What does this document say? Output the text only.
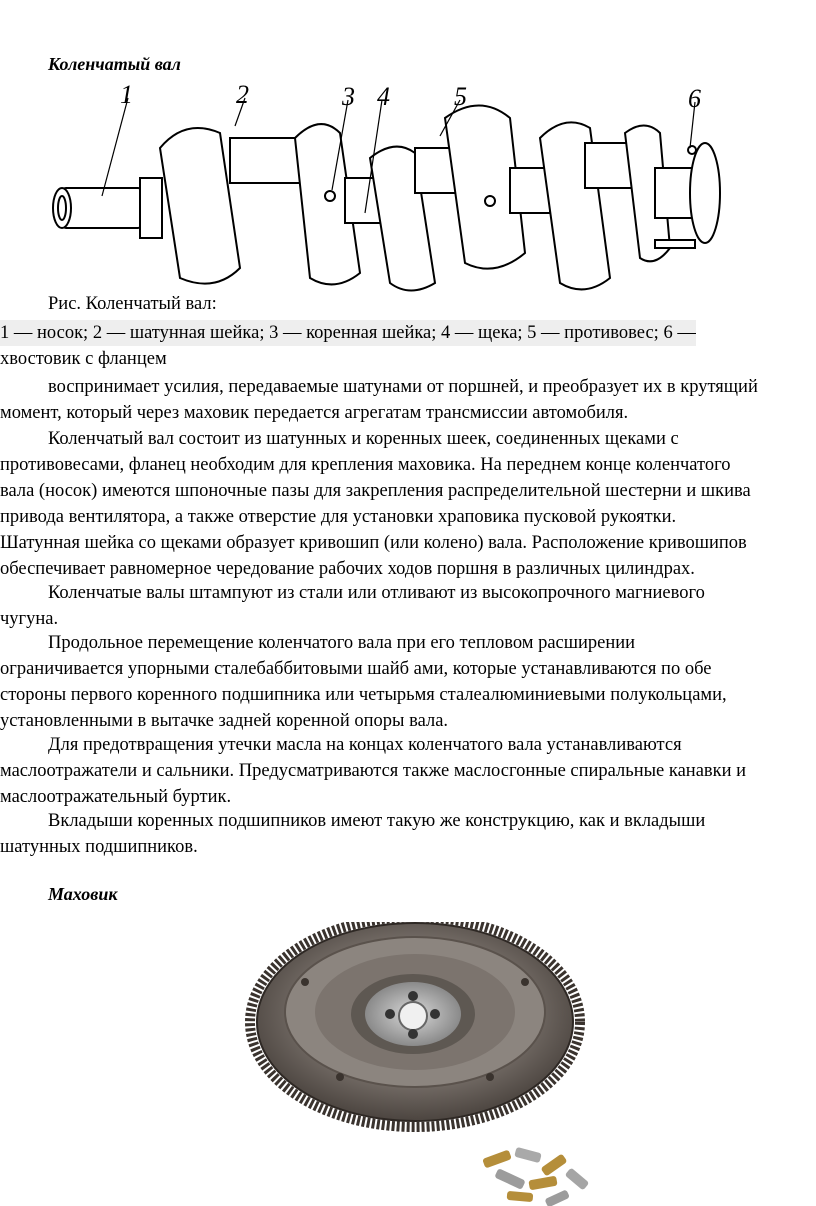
Коленчатый вал
1	2	3 4 5	6
Рис. Коленчатый вал:
1 — носок; 2 — шатунная шейка; 3 — коренная шейка; 4 — щека; 5 — противовес; 6 —
хвостовик с фланцем
воспринимает усилия, передаваемые шатунами от поршней, и преобразует их в крутящий
момент, который через маховик передается агрегатам трансмиссии автомобиля.
Коленчатый вал состоит из шатунных и коренных шеек, соединенных щеками с
противовесами, фланец необходим для крепления маховика. На переднем конце коленчатого
вала (носок) имеются шпоночные пазы для закрепления распределительной шестерни и шкива
привода вентилятора, а также отверстие для установки храповика пусковой рукоятки.
Шатунная шейка со щеками образует кривошип (или колено) вала. Расположение кривошипов
обеспечивает равномерное чередование рабочих ходов поршня в различных цилиндрах.
Коленчатые валы штампуют из стали или отливают из высокопрочного магниевого
чугуна.
Продольное перемещение коленчатого вала при его тепловом расширении
ограничивается упорными сталебаббитовыми шайб ами, которые устанавливаются по обе
стороны первого коренного подшипника или четырьмя сталеалюминиевыми полукольцами,
установленными в вытачке задней коренной опоры вала.
Для предотвращения утечки масла на концах коленчатого вала устанавливаются
маслоотражатели и сальники. Предусматриваются также маслосгонные спиральные канавки и
маслоотражательный буртик.
Вкладыши коренных подшипников имеют такую же конструкцию, как и вкладыши
шатунных подшипников.
Маховик
